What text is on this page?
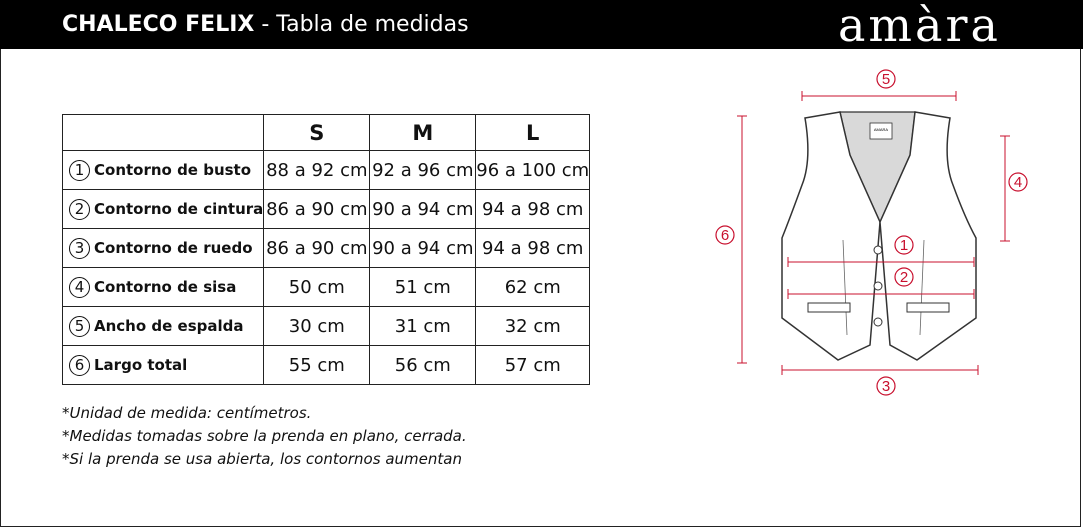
CHALECO FELIX - Tabla de medidas	amàra
	S	M	L
1 Contorno de busto	88 a 92 cm	92 a 96 cm	96 a 100 cm
2 Contorno de cintura	86 a 90 cm	90 a 94 cm	94 a 98 cm
3 Contorno de ruedo	86 a 90 cm	90 a 94 cm	94 a 98 cm
4 Contorno de sisa	50 cm	51 cm	62 cm
5 Ancho de espalda	30 cm	31 cm	32 cm
6 Largo total	55 cm	56 cm	57 cm
*Unidad de medida: centímetros.
*Medidas tomadas sobre la prenda en plano, cerrada.
*Si la prenda se usa abierta, los contornos aumentan
AMARA
5
4
6
1
2
3
